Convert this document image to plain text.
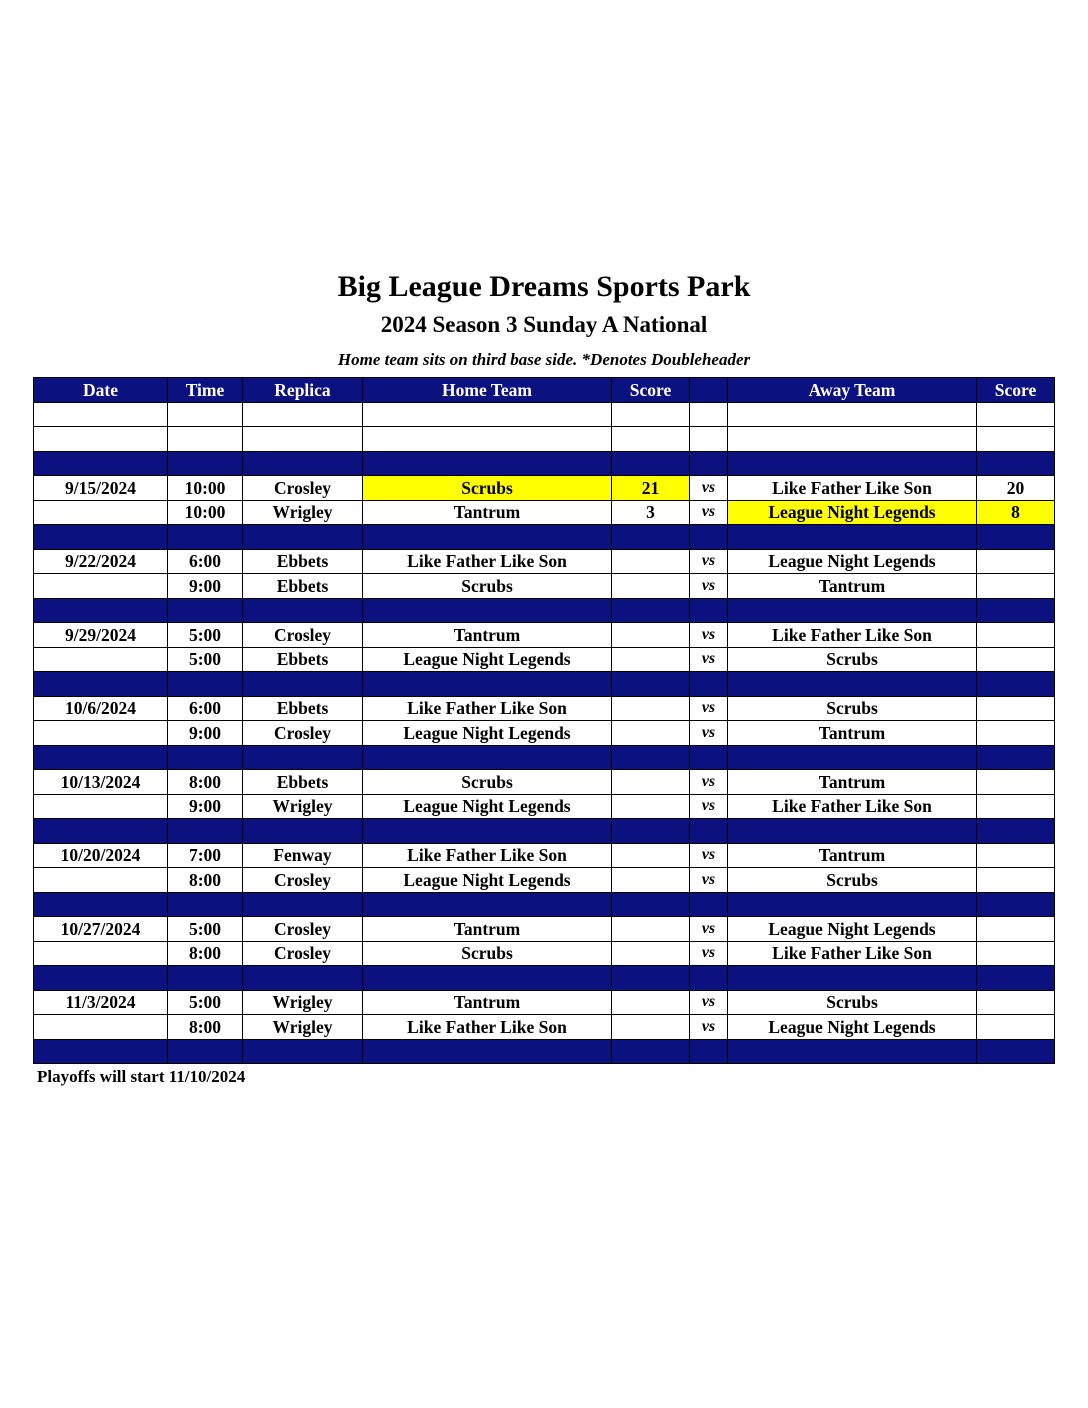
Big League Dreams Sports Park
2024 Season 3 Sunday A National

Home team sits on third base side. *Denotes Doubleheader

Date	Time	Replica	Home Team	Score		Away Team	Score

9/15/2024	10:00	Crosley	Scrubs	21	vs	Like Father Like Son	20
	10:00	Wrigley	Tantrum	3	vs	League Night Legends	8

9/22/2024	6:00	Ebbets	Like Father Like Son		vs	League Night Legends	
	9:00	Ebbets	Scrubs		vs	Tantrum	

9/29/2024	5:00	Crosley	Tantrum		vs	Like Father Like Son	
	5:00	Ebbets	League Night Legends		vs	Scrubs	

10/6/2024	6:00	Ebbets	Like Father Like Son		vs	Scrubs	
	9:00	Crosley	League Night Legends		vs	Tantrum	

10/13/2024	8:00	Ebbets	Scrubs		vs	Tantrum	
	9:00	Wrigley	League Night Legends		vs	Like Father Like Son	

10/20/2024	7:00	Fenway	Like Father Like Son		vs	Tantrum	
	8:00	Crosley	League Night Legends		vs	Scrubs	

10/27/2024	5:00	Crosley	Tantrum		vs	League Night Legends	
	8:00	Crosley	Scrubs		vs	Like Father Like Son	

11/3/2024	5:00	Wrigley	Tantrum		vs	Scrubs	
	8:00	Wrigley	Like Father Like Son		vs	League Night Legends	

Playoffs will start 11/10/2024
